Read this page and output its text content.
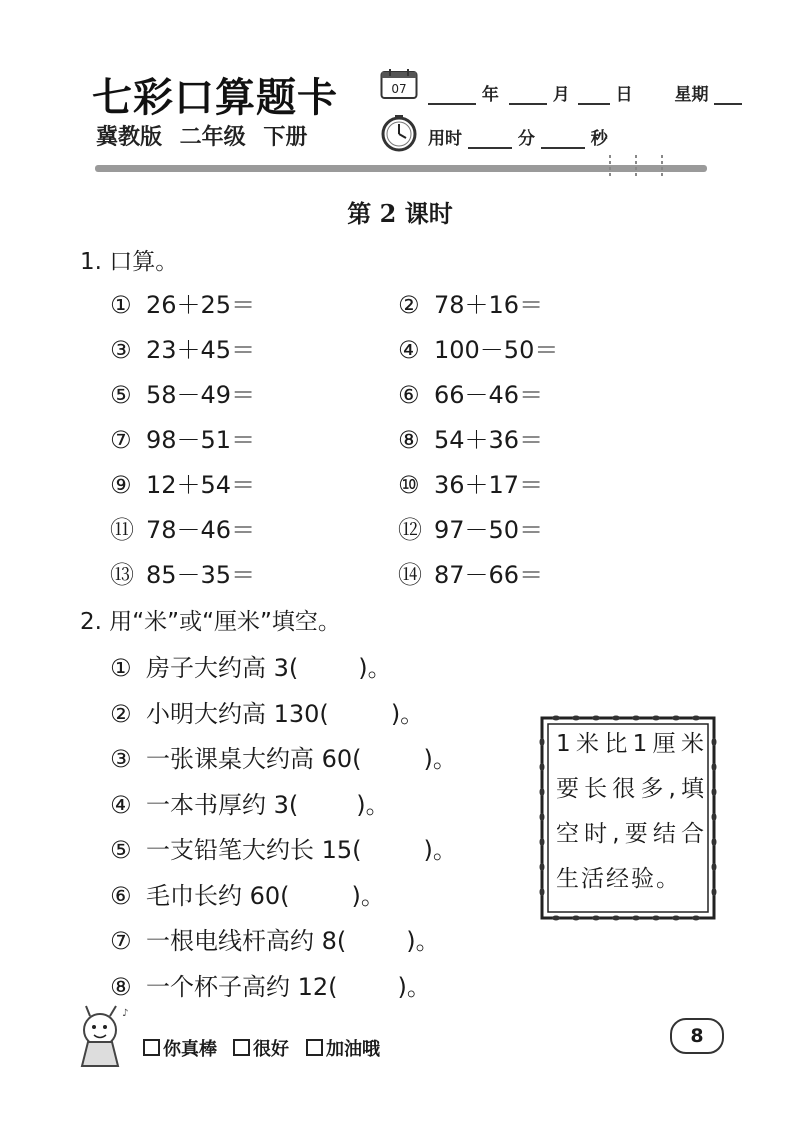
七彩口算题卡
冀教版 二年级 下册
07	年	月	日 星期
用时	分	秒
第 2 课时
1. 口算。
① 26＋25＝	② 78＋16＝
③ 23＋45＝	④ 100－50＝
⑤ 58－49＝	⑥ 66－46＝
⑦ 98－51＝	⑧ 54＋36＝
⑨ 12＋54＝	⑩ 36＋17＝
⑪ 78－46＝	⑫ 97－50＝
⑬ 85－35＝	⑭ 87－66＝
2. 用“米”或“厘米”填空。
① 房子大约高 3(	)。
② 小明大约高 130(	)。
③ 一张课桌大约高 60(	)。
④ 一本书厚约 3( )。
⑤ 一支铅笔大约长 15(	)。
⑥ 毛巾长约 60(	)。
⑦ 一根电线杆高约 8(	)。
⑧ 一个杯子高约 12(	)。
1米比1厘米要长很多,填空时,要结合生活经验。
♪
你真棒	很好	加油哦
8
